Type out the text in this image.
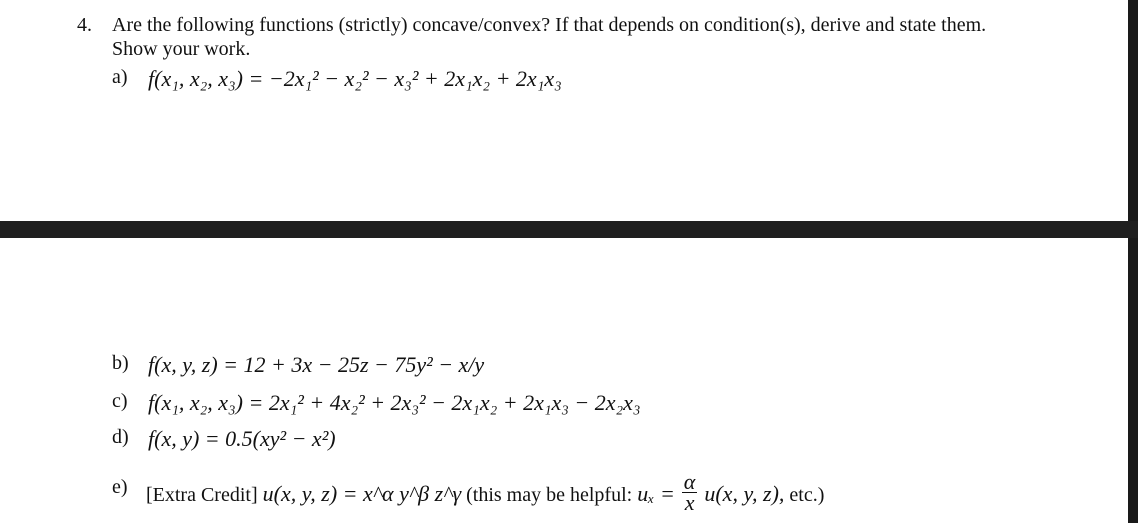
4. Are the following functions (strictly) concave/convex? If that depends on condition(s), derive and state them.
Show your work.
a) f(x₁, x₂, x₃) = −2x₁² − x₂² − x₃² + 2x₁x₂ + 2x₁x₃
b) f(x, y, z) = 12 + 3x − 25z − 75y² − x/y
c) f(x₁, x₂, x₃) = 2x₁² + 4x₂² + 2x₃² − 2x₁x₂ + 2x₁x₃ − 2x₂x₃
d) f(x, y) = 0.5(xy² − x²)
e) [Extra Credit] u(x, y, z) = x^α y^β z^γ (this may be helpful: $u_x = \frac{\alpha}{x} u(x$, y, z), etc.)
